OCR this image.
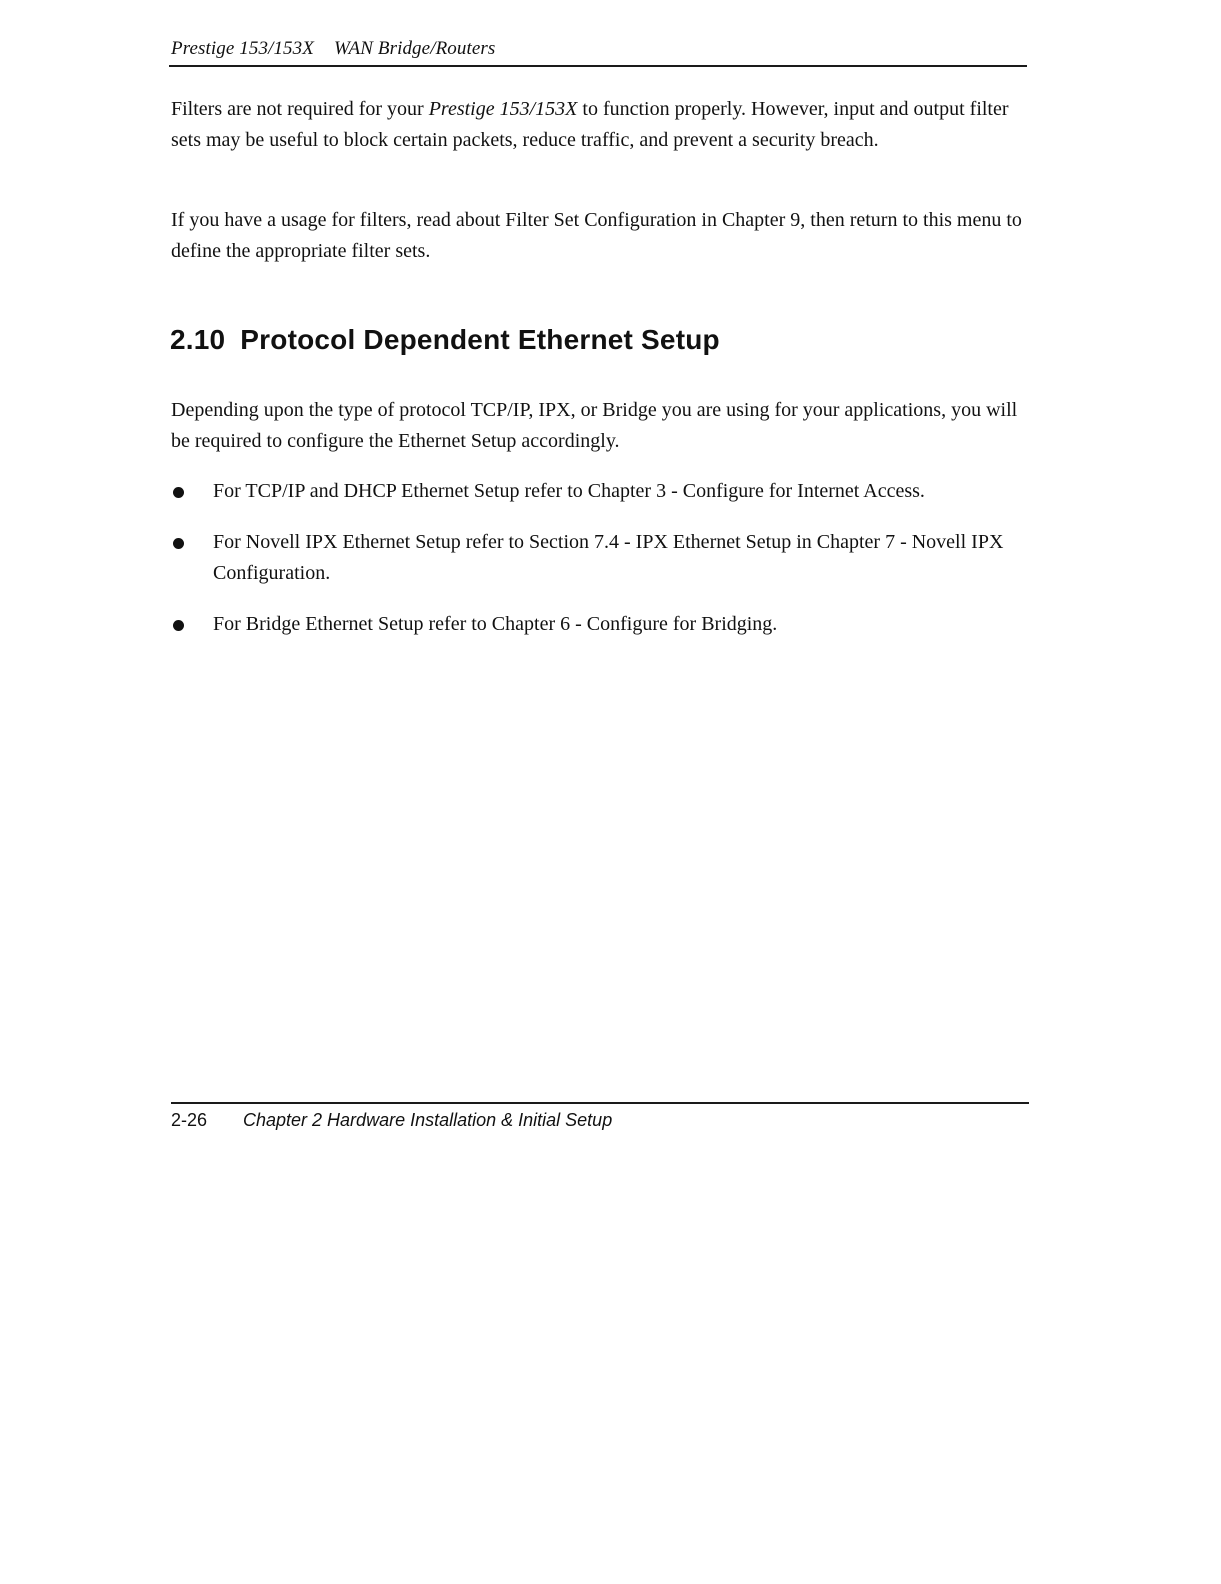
Prestige 153/153X WAN Bridge/Routers

Filters are not required for your Prestige 153/153X to function properly. However, input and output filter sets may be useful to block certain packets, reduce traffic, and prevent a security breach.

If you have a usage for filters, read about Filter Set Configuration in Chapter 9, then return to this menu to define the appropriate filter sets.

2.10 Protocol Dependent Ethernet Setup

Depending upon the type of protocol TCP/IP, IPX, or Bridge you are using for your applications, you will be required to configure the Ethernet Setup accordingly.

For TCP/IP and DHCP Ethernet Setup refer to Chapter 3 - Configure for Internet Access.
For Novell IPX Ethernet Setup refer to Section 7.4 - IPX Ethernet Setup in Chapter 7 - Novell IPX Configuration.
For Bridge Ethernet Setup refer to Chapter 6 - Configure for Bridging.
2-26 Chapter 2 Hardware Installation & Initial Setup
